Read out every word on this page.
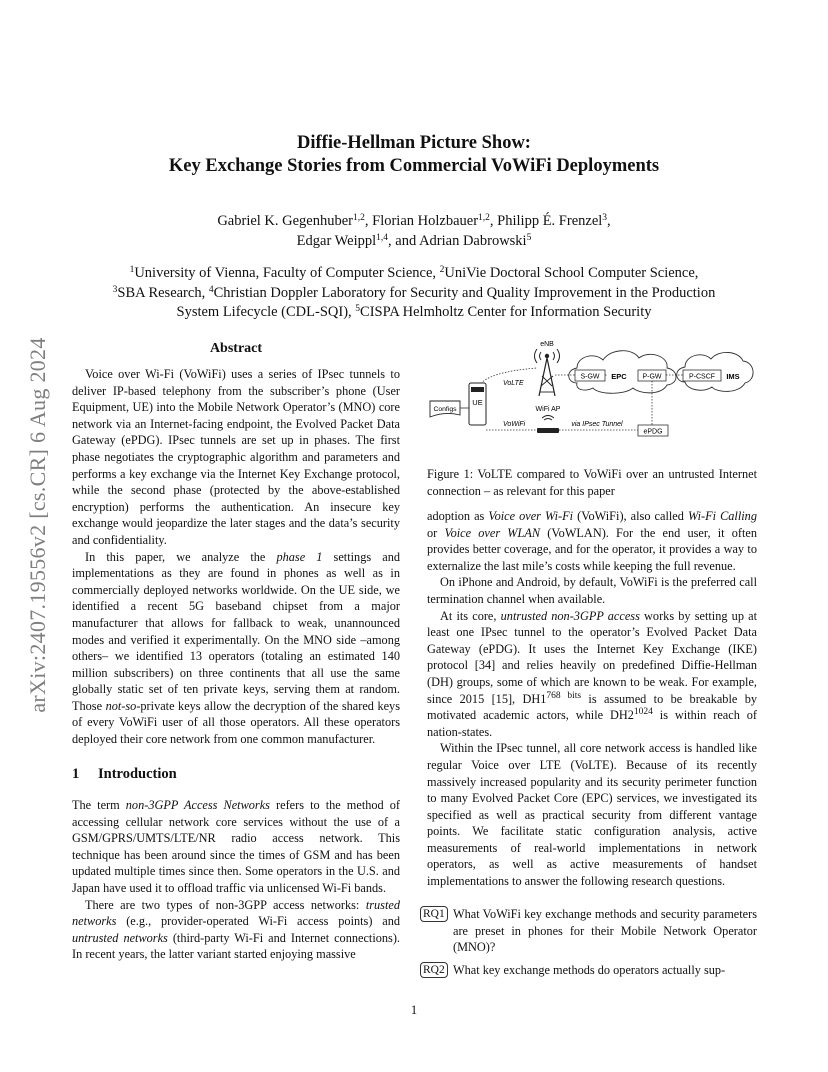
arXiv:2407.19556v2 [cs.CR] 6 Aug 2024
Diffie-Hellman Picture Show:
Key Exchange Stories from Commercial VoWiFi Deployments
Gabriel K. Gegenhuber$^{1,2}$, Florian Holzbauer$^{1,2}$, Philipp É. Frenzel$^3$,
Edgar Weippl$^{1,4}$, and Adrian Dabrowski$^5$
$^1$University of Vienna, Faculty of Computer Science, $^2$UniVie Doctoral School Computer Science,
$^3$SBA Research, $^4$Christian Doppler Laboratory for Security and Quality Improvement in the Production
System Lifecycle (CDL-SQI), $^5$CISPA Helmholtz Center for Information Security
Abstract

Voice over Wi-Fi (VoWiFi) uses a series of IPsec tunnels to deliver IP-based telephony from the subscriber’s phone (User Equipment, UE) into the Mobile Network Operator’s (MNO) core network via an Internet-facing endpoint, the Evolved Packet Data Gateway (ePDG). IPsec tunnels are set up in phases. The first phase negotiates the cryptographic algorithm and parameters and performs a key exchange via the Internet Key Exchange protocol, while the second phase (protected by the above-established encryption) performs the authentication. An insecure key exchange would jeopardize the later stages and the data’s security and confidentiality.

In this paper, we analyze the phase 1 settings and implementations as they are found in phones as well as in commercially deployed networks worldwide. On the UE side, we identified a recent 5G baseband chipset from a major manufacturer that allows for fallback to weak, unannounced modes and verified it experimentally. On the MNO side –among others– we identified 13 operators (totaling an estimated 140 million subscribers) on three continents that all use the same globally static set of ten private keys, serving them at random. Those not-so-private keys allow the decryption of the shared keys of every VoWiFi user of all those operators. All these operators deployed their core network from one common manufacturer.

1 Introduction

The term non-3GPP Access Networks refers to the method of accessing cellular network core services without the use of a GSM/GPRS/UMTS/LTE/NR radio access network. This technique has been around since the times of GSM and has been updated multiple times since then. Some operators in the U.S. and Japan have used it to offload traffic via unlicensed Wi-Fi bands.

There are two types of non-3GPP access networks: trusted networks (e.g., provider-operated Wi-Fi access points) and untrusted networks (third-party Wi-Fi and Internet connections). In recent years, the latter variant started enjoying massive

eNB
S-GW EPC P-GW	P-CSCF IMS
VoLTE
UE
Configs	WiFi AP
VoWiFi	via IPsec Tunnel
ePDG

Figure 1: VoLTE compared to VoWiFi over an untrusted Internet connection – as relevant for this paper

adoption as Voice over Wi-Fi (VoWiFi), also called Wi-Fi Calling or Voice over WLAN (VoWLAN). For the end user, it often provides better coverage, and for the operator, it provides a way to externalize the last mile’s costs while keeping the full revenue.

On iPhone and Android, by default, VoWiFi is the preferred call termination channel when available.

At its core, untrusted non-3GPP access works by setting up at least one IPsec tunnel to the operator’s Evolved Packet Data Gateway (ePDG). It uses the Internet Key Exchange (IKE) protocol [34] and relies heavily on predefined Diffie-Hellman (DH) groups, some of which are known to be weak. For example, since 2015 [15], $DH1^{768 bits}$ is assumed to be breakable by motivated academic actors, while $DH2^{1024}$ is within reach of nation-states.

Within the IPsec tunnel, all core network access is handled like regular Voice over LTE (VoLTE). Because of its recently massively increased popularity and its security perimeter function to many Evolved Packet Core (EPC) services, we investigated its specified as well as practical security from different vantage points. We facilitate static configuration analysis, active measurements of real-world implementations in network operators, as well as active measurements of handset implementations to answer the following research questions.

RQ1 What VoWiFi key exchange methods and security parameters are preset in phones for their Mobile Network Operator (MNO)?
RQ2 What key exchange methods do operators actually sup-
1
